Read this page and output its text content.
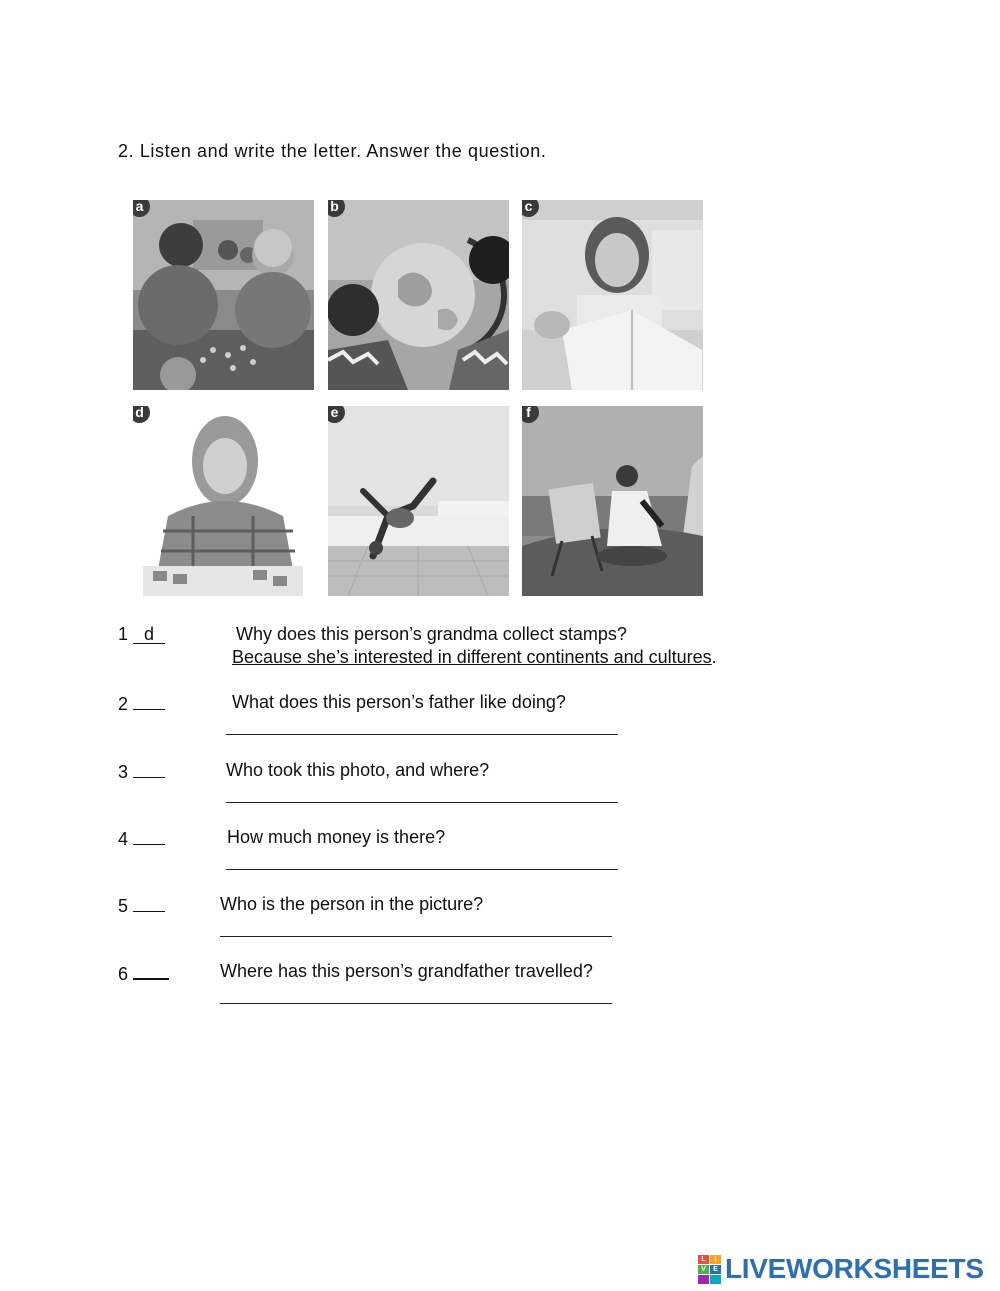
2. Listen and write the letter. Answer the question.
a	b	c
d	e	f
1 d	Why does this person’s grandma collect stamps?
Because she’s interested in different continents and cultures.
2	What does this person’s father like doing?
3	Who took this photo, and where?
4	How much money is there?
5	Who is the person in the picture?
6	Where has this person’s grandfather travelled?
L	I
V	E LIVEWORKSHEETS
